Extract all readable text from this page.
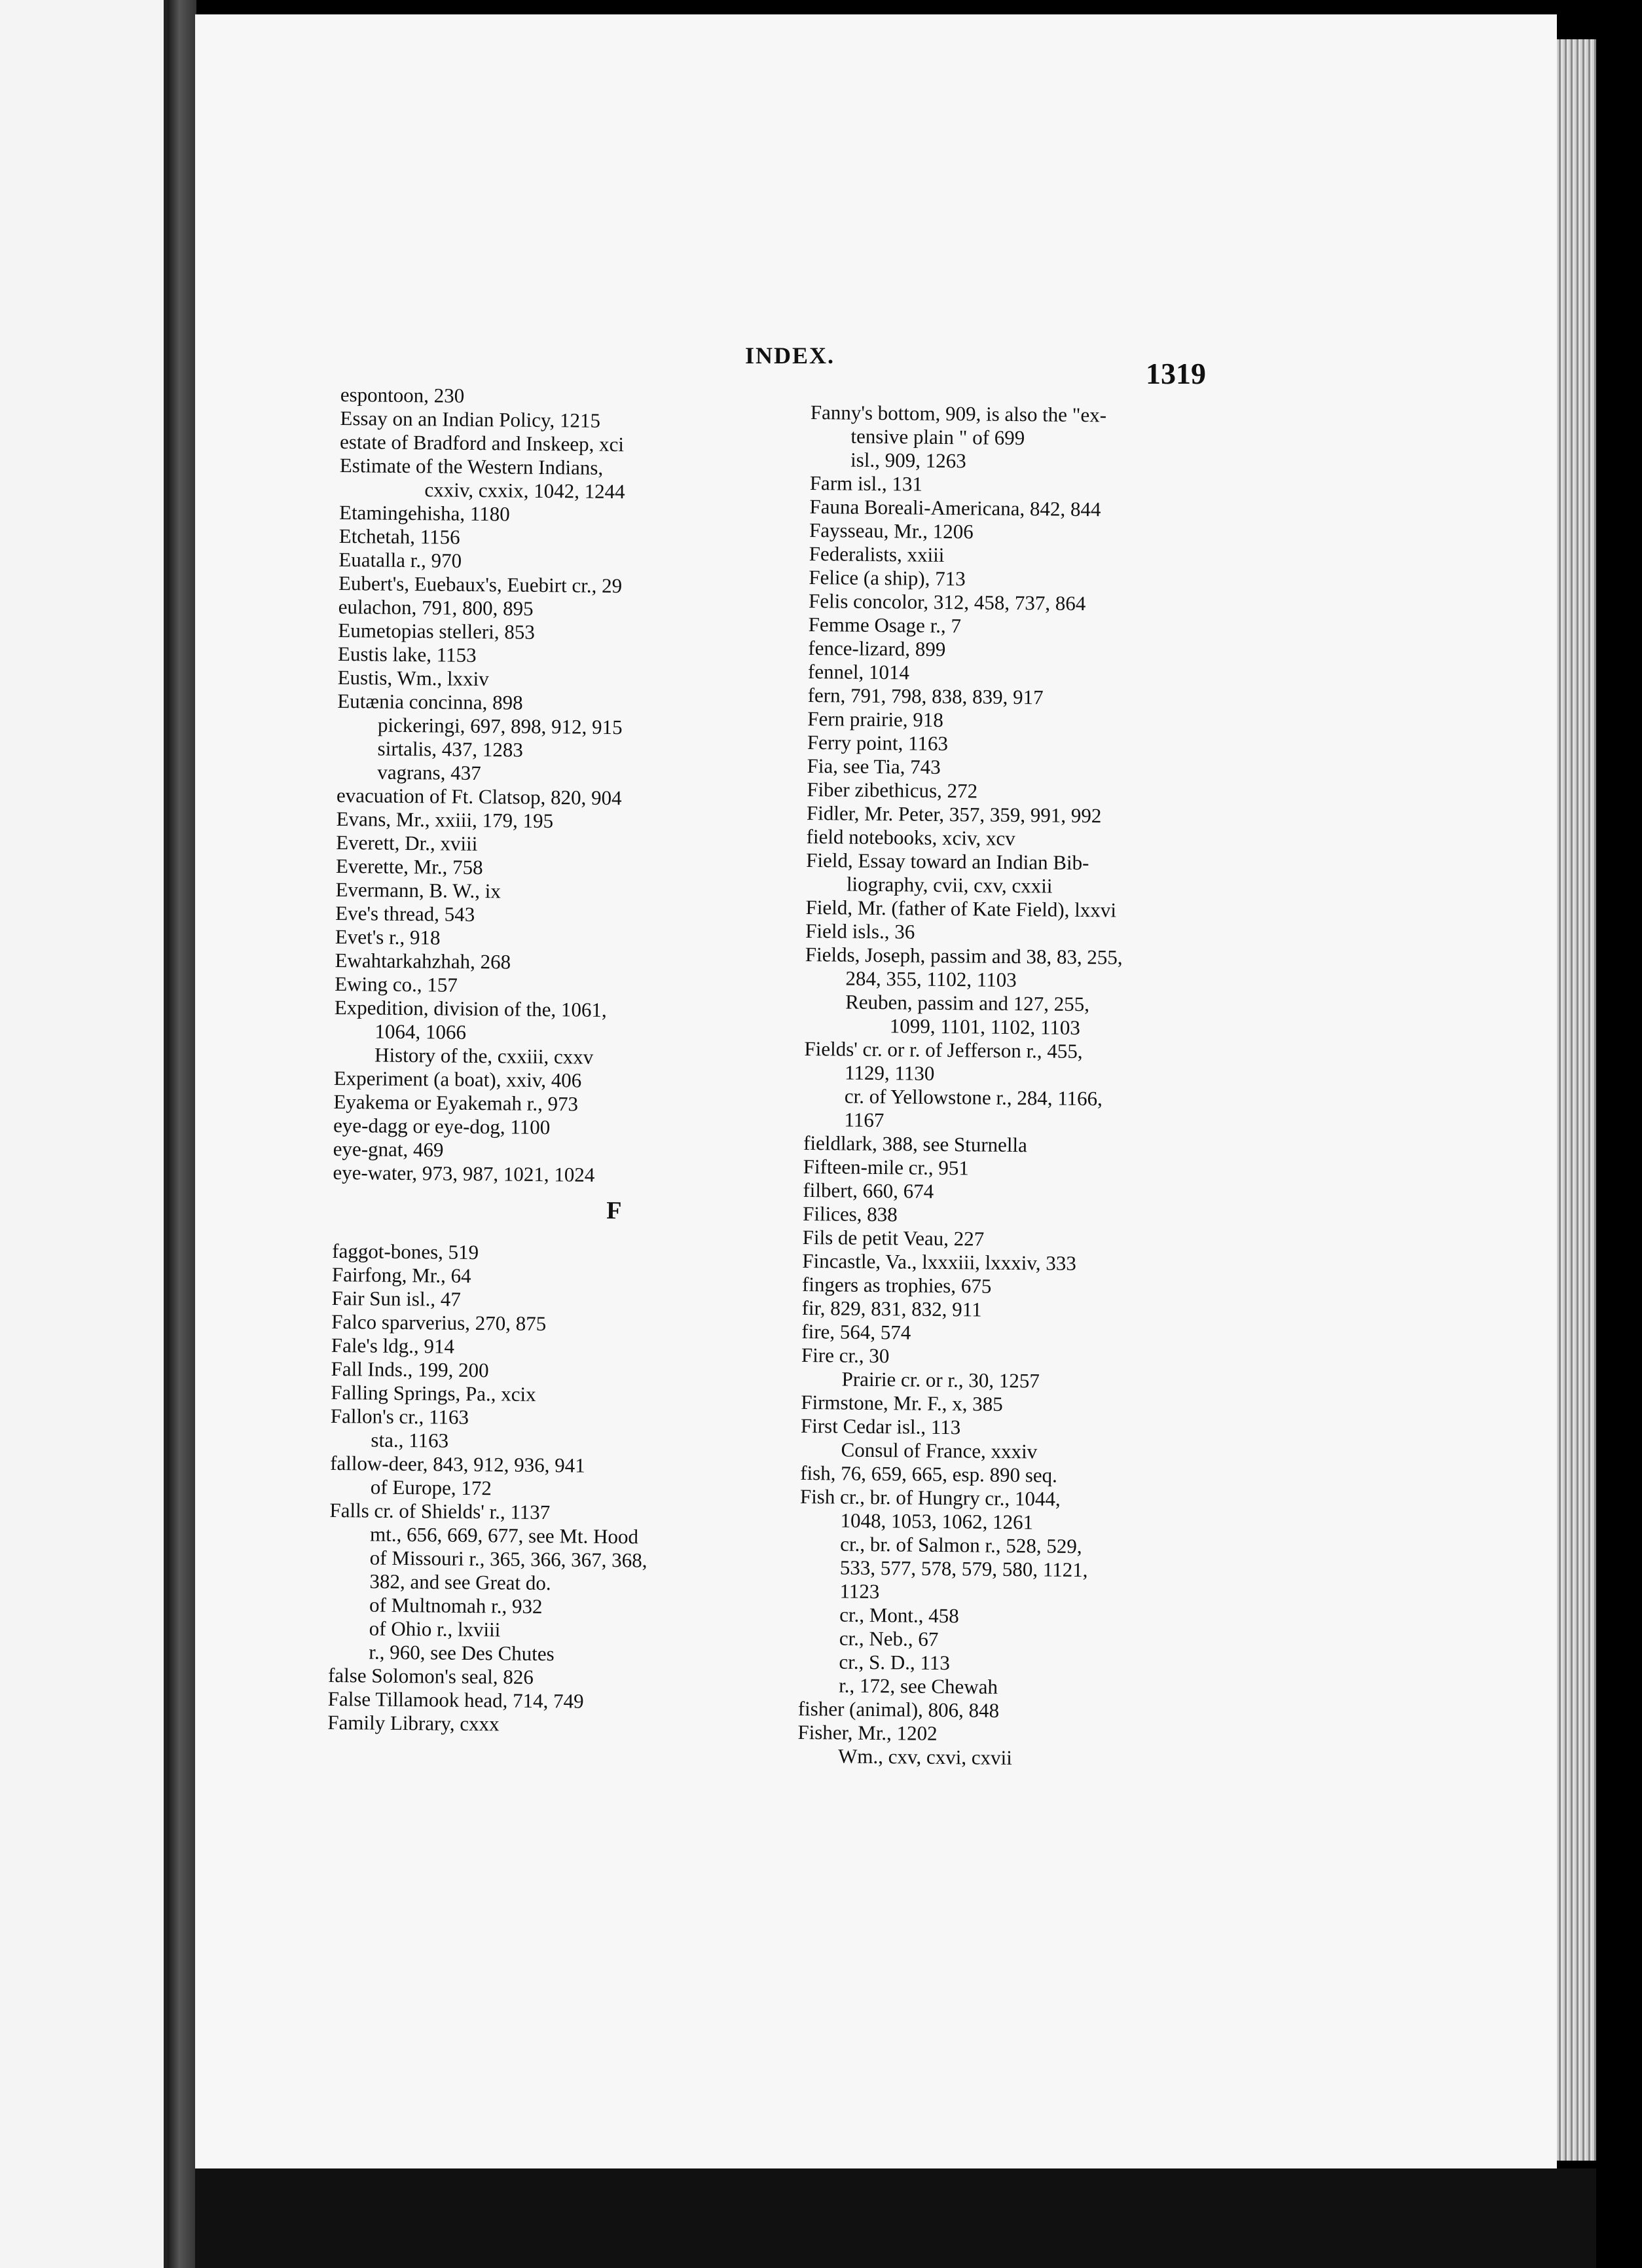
INDEX.
1319
espontoon, 230
Essay on an Indian Policy, 1215
estate of Bradford and Inskeep, xci
Estimate of the Western Indians,
cxxiv, cxxix, 1042, 1244
Etamingehisha, 1180
Etchetah, 1156
Euatalla r., 970
Eubert's, Euebaux's, Euebirt cr., 29
eulachon, 791, 800, 895
Eumetopias stelleri, 853
Eustis lake, 1153
Eustis, Wm., lxxiv
Eutænia concinna, 898
pickeringi, 697, 898, 912, 915
sirtalis, 437, 1283
vagrans, 437
evacuation of Ft. Clatsop, 820, 904
Evans, Mr., xxiii, 179, 195
Everett, Dr., xviii
Everette, Mr., 758
Evermann, B. W., ix
Eve's thread, 543
Evet's r., 918
Ewahtarkahzhah, 268
Ewing co., 157
Expedition, division of the, 1061,
1064, 1066
History of the, cxxiii, cxxv
Experiment (a boat), xxiv, 406
Eyakema or Eyakemah r., 973
eye-dagg or eye-dog, 1100
eye-gnat, 469
eye-water, 973, 987, 1021, 1024
F
faggot-bones, 519
Fairfong, Mr., 64
Fair Sun isl., 47
Falco sparverius, 270, 875
Fale's ldg., 914
Fall Inds., 199, 200
Falling Springs, Pa., xcix
Fallon's cr., 1163
sta., 1163
fallow-deer, 843, 912, 936, 941
of Europe, 172
Falls cr. of Shields' r., 1137
mt., 656, 669, 677, see Mt. Hood
of Missouri r., 365, 366, 367, 368,
382, and see Great do.
of Multnomah r., 932
of Ohio r., lxviii
r., 960, see Des Chutes
false Solomon's seal, 826
False Tillamook head, 714, 749
Family Library, cxxx
Fanny's bottom, 909, is also the "ex-
tensive plain " of 699
isl., 909, 1263
Farm isl., 131
Fauna Boreali-Americana, 842, 844
Faysseau, Mr., 1206
Federalists, xxiii
Felice (a ship), 713
Felis concolor, 312, 458, 737, 864
Femme Osage r., 7
fence-lizard, 899
fennel, 1014
fern, 791, 798, 838, 839, 917
Fern prairie, 918
Ferry point, 1163
Fia, see Tia, 743
Fiber zibethicus, 272
Fidler, Mr. Peter, 357, 359, 991, 992
field notebooks, xciv, xcv
Field, Essay toward an Indian Bib-
liography, cvii, cxv, cxxii
Field, Mr. (father of Kate Field), lxxvi
Field isls., 36
Fields, Joseph, passim and 38, 83, 255,
284, 355, 1102, 1103
Reuben, passim and 127, 255,
1099, 1101, 1102, 1103
Fields' cr. or r. of Jefferson r., 455,
1129, 1130
cr. of Yellowstone r., 284, 1166,
1167
fieldlark, 388, see Sturnella
Fifteen-mile cr., 951
filbert, 660, 674
Filices, 838
Fils de petit Veau, 227
Fincastle, Va., lxxxiii, lxxxiv, 333
fingers as trophies, 675
fir, 829, 831, 832, 911
fire, 564, 574
Fire cr., 30
Prairie cr. or r., 30, 1257
Firmstone, Mr. F., x, 385
First Cedar isl., 113
Consul of France, xxxiv
fish, 76, 659, 665, esp. 890 seq.
Fish cr., br. of Hungry cr., 1044,
1048, 1053, 1062, 1261
cr., br. of Salmon r., 528, 529,
533, 577, 578, 579, 580, 1121,
1123
cr., Mont., 458
cr., Neb., 67
cr., S. D., 113
r., 172, see Chewah
fisher (animal), 806, 848
Fisher, Mr., 1202
Wm., cxv, cxvi, cxvii
